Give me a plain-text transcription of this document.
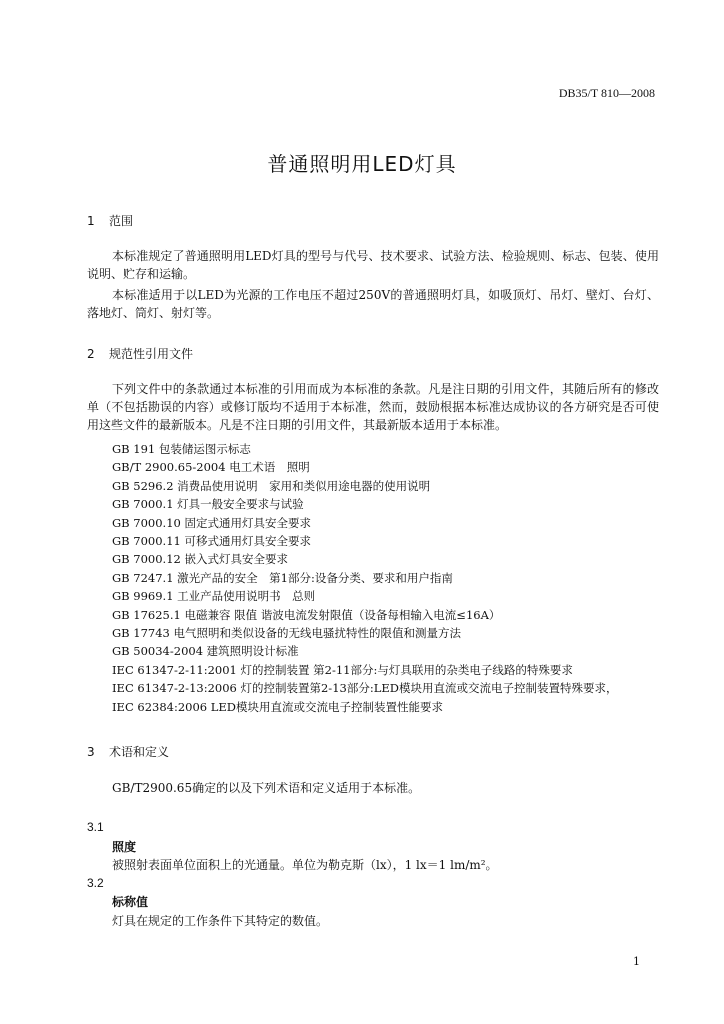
DB35/T 810—2008
普通照明用LED灯具
1 范围

本标准规定了普通照明用LED灯具的型号与代号、技术要求、试验方法、检验规则、标志、包装、使用说明、贮存和运输。

本标准适用于以LED为光源的工作电压不超过250V的普通照明灯具，如吸顶灯、吊灯、壁灯、台灯、落地灯、筒灯、射灯等。

2 规范性引用文件

下列文件中的条款通过本标准的引用而成为本标准的条款。凡是注日期的引用文件，其随后所有的修改单（不包括勘误的内容）或修订版均不适用于本标准，然而，鼓励根据本标准达成协议的各方研究是否可使用这些文件的最新版本。凡是不注日期的引用文件，其最新版本适用于本标准。

GB 191 包装储运图示标志
GB/T 2900.65-2004 电工术语　照明
GB 5296.2 消费品使用说明　家用和类似用途电器的使用说明
GB 7000.1 灯具一般安全要求与试验
GB 7000.10 固定式通用灯具安全要求
GB 7000.11 可移式通用灯具安全要求
GB 7000.12 嵌入式灯具安全要求
GB 7247.1 激光产品的安全　第1部分:设备分类、要求和用户指南
GB 9969.1 工业产品使用说明书　总则
GB 17625.1 电磁兼容 限值 谐波电流发射限值（设备每相输入电流≤16A）
GB 17743 电气照明和类似设备的无线电骚扰特性的限值和测量方法
GB 50034-2004 建筑照明设计标准
IEC 61347-2-11:2001 灯的控制装置 第2-11部分:与灯具联用的杂类电子线路的特殊要求
IEC 61347-2-13:2006 灯的控制装置第2-13部分:LED模块用直流或交流电子控制装置特殊要求，
IEC 62384:2006 LED模块用直流或交流电子控制装置性能要求
3 术语和定义
GB/T2900.65确定的以及下列术语和定义适用于本标准。
3.1
照度
被照射表面单位面积上的光通量。单位为勒克斯（lx），1 lx＝1 lm/m²。
3.2
标称值
灯具在规定的工作条件下其特定的数值。
1
